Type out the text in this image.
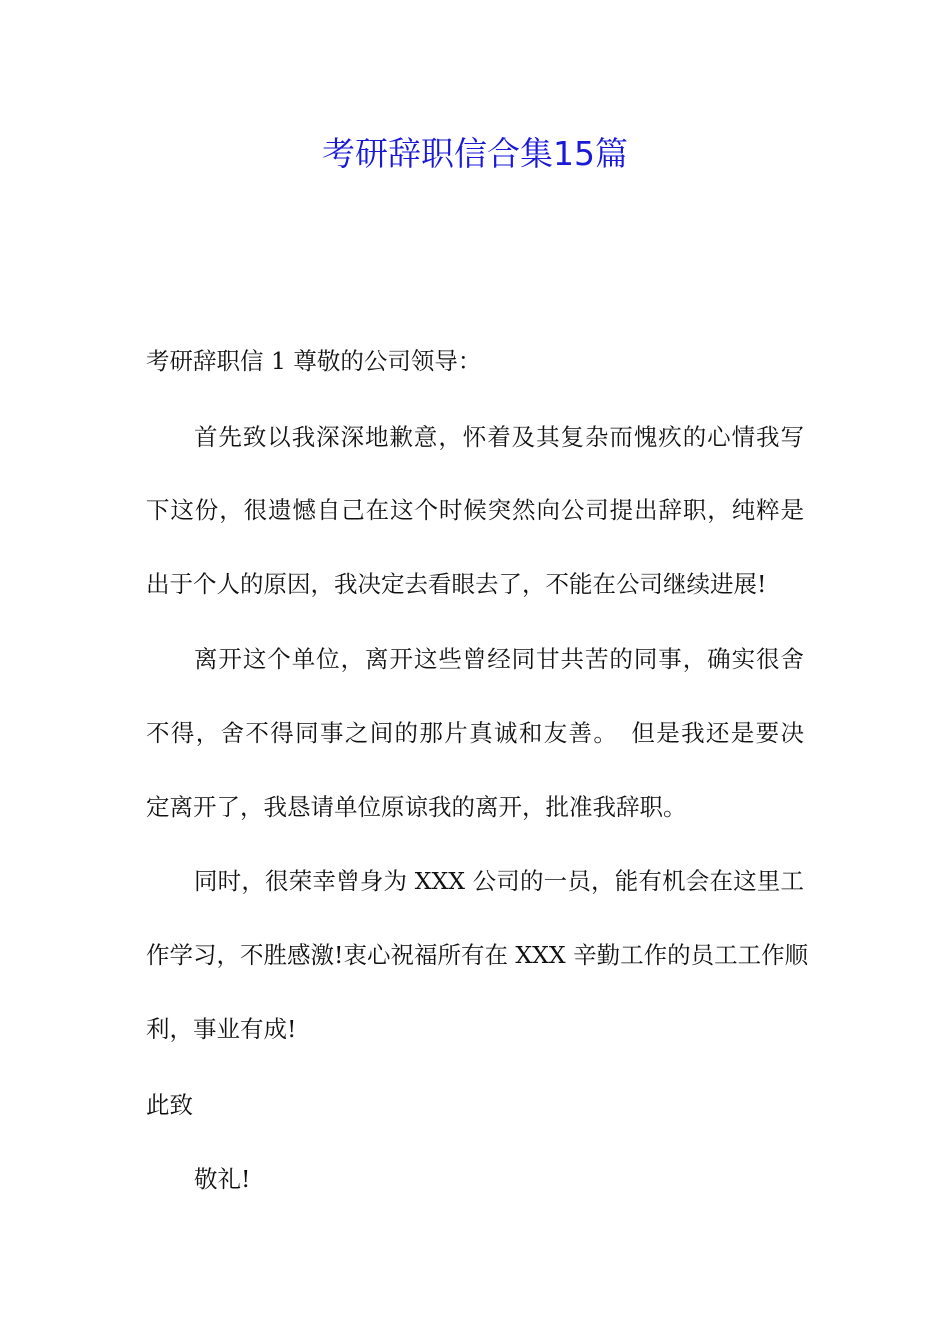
考研辞职信合集15篇
考研辞职信 1 尊敬的公司领导：
首先致以我深深地歉意，怀着及其复杂而愧疚的心情我写
下这份，很遗憾自己在这个时候突然向公司提出辞职，纯粹是
出于个人的原因，我决定去看眼去了，不能在公司继续进展!
离开这个单位，离开这些曾经同甘共苦的同事，确实很舍
不得，舍不得同事之间的那片真诚和友善。　但是我还是要决
定离开了，我恳请单位原谅我的离开，批准我辞职。
同时，很荣幸曾身为 XXX 公司的一员，能有机会在这里工
作学习，不胜感激!衷心祝福所有在 XXX 辛勤工作的员工工作顺
利，事业有成!
此致
敬礼!
